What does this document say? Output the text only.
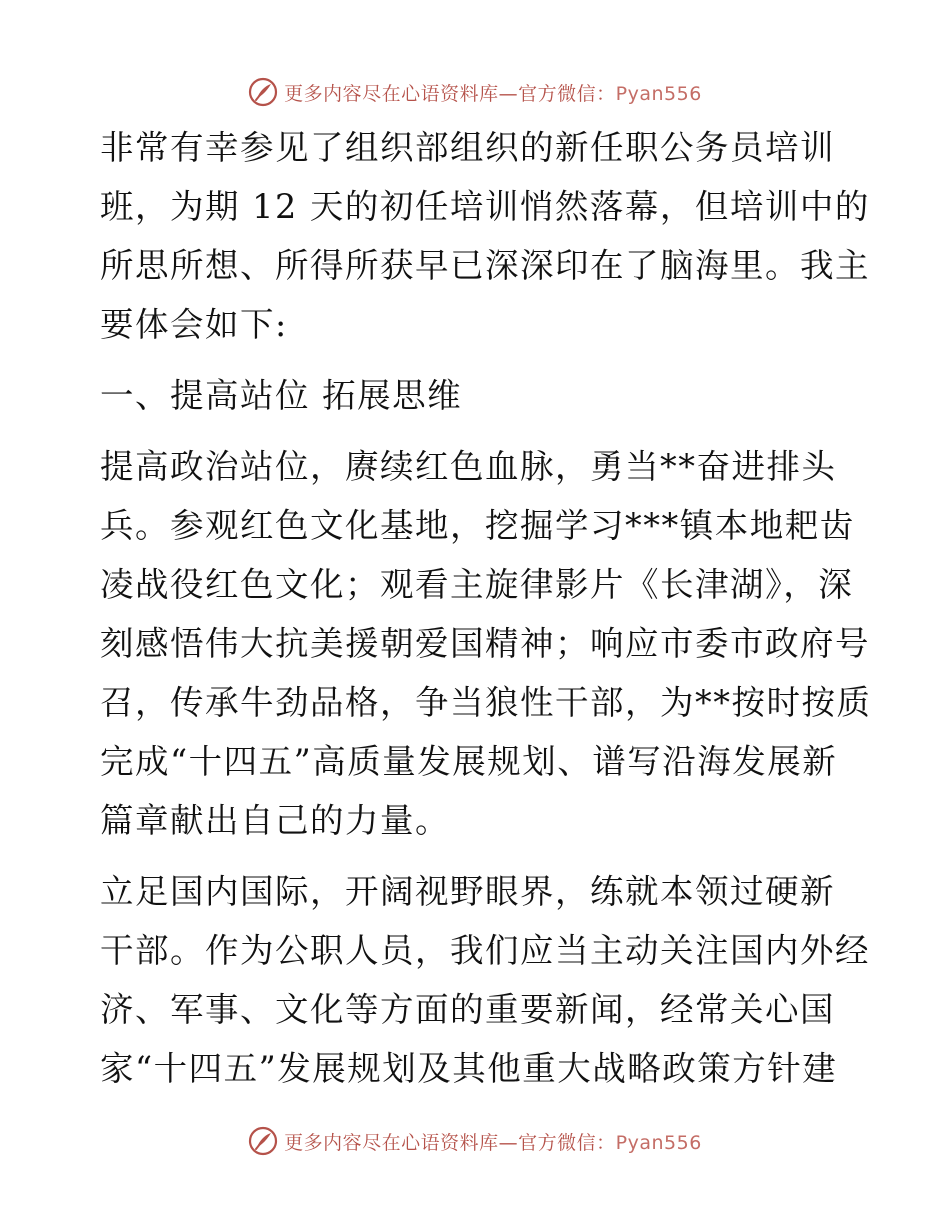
更多内容尽在心语资料库—官方微信：Pyan556
非常有幸参见了组织部组织的新任职公务员培训
班，为期 12 天的初任培训悄然落幕，但培训中的
所思所想、所得所获早已深深印在了脑海里。我主
要体会如下:
一、提高站位 拓展思维
提高政治站位，赓续红色血脉，勇当**奋进排头
兵。参观红色文化基地，挖掘学习***镇本地耙齿
凌战役红色文化；观看主旋律影片《长津湖》，深
刻感悟伟大抗美援朝爱国精神；响应市委市政府号
召，传承牛劲品格，争当狼性干部，为**按时按质
完成“十四五”高质量发展规划、谱写沿海发展新
篇章献出自己的力量。
立足国内国际，开阔视野眼界，练就本领过硬新
干部。作为公职人员，我们应当主动关注国内外经
济、军事、文化等方面的重要新闻，经常关心国
家“十四五”发展规划及其他重大战略政策方针建
更多内容尽在心语资料库—官方微信：Pyan556
